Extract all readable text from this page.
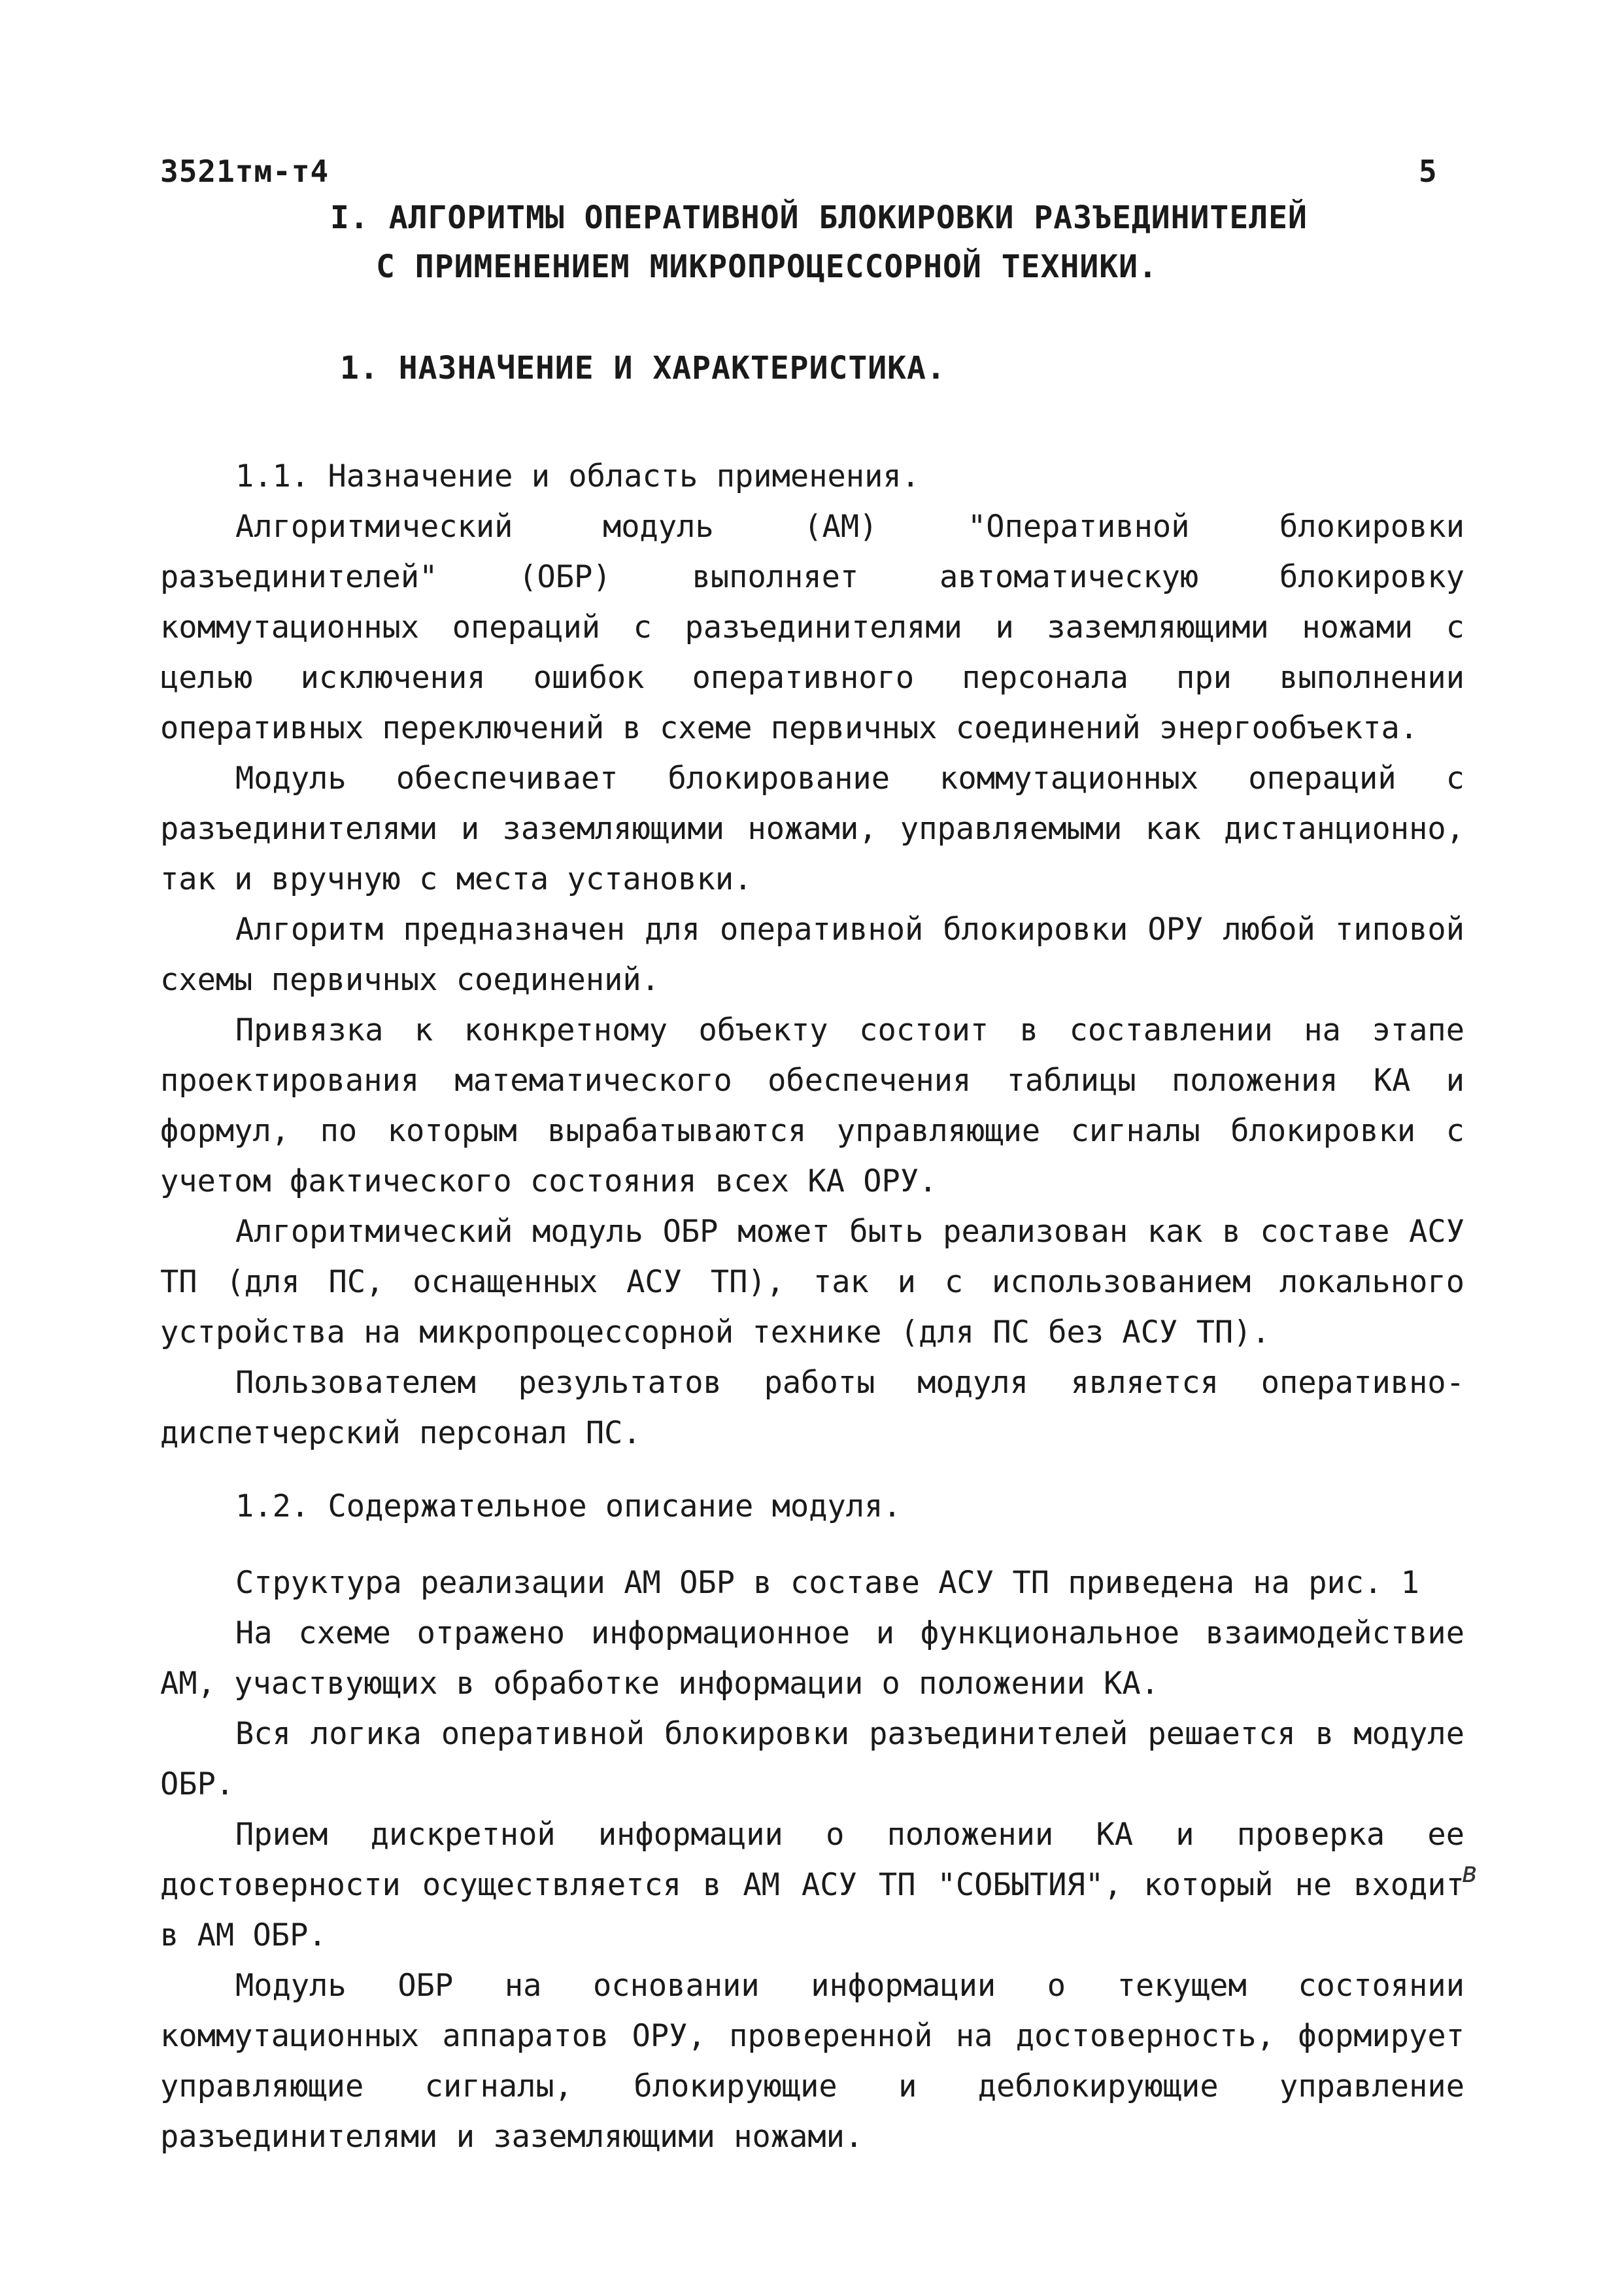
3521тм-т4	5
I. АЛГОРИТМЫ ОПЕРАТИВНОЙ БЛОКИРОВКИ РАЗЪЕДИНИТЕЛЕЙ
С ПРИМЕНЕНИЕМ МИКРОПРОЦЕССОРНОЙ ТЕХНИКИ.
1. НАЗНАЧЕНИЕ И ХАРАКТЕРИСТИКА.

1.1. Назначение и область применения.

Алгоритмический модуль (АМ) "Оперативной блокировки разъединителей" (ОБР) выполняет автоматическую блокировку коммутационных операций с разъединителями и заземляющими ножами с целью исключения ошибок оперативного персонала при выполнении оперативных переключений в схеме первичных соединений энергообъекта.

Модуль обеспечивает блокирование коммутационных операций с разъединителями и заземляющими ножами, управляемыми как дистанционно, так и вручную с места установки.

Алгоритм предназначен для оперативной блокировки ОРУ любой типовой схемы первичных соединений.

Привязка к конкретному объекту состоит в составлении на этапе проектирования математического обеспечения таблицы положения КА и формул, по которым вырабатываются управляющие сигналы блокировки с учетом фактического состояния всех КА ОРУ.

Алгоритмический модуль ОБР может быть реализован как в составе АСУ ТП (для ПС, оснащенных АСУ ТП), так и с использованием локального устройства на микропроцессорной технике (для ПС без АСУ ТП).

Пользователем результатов работы модуля является оперативно-диспетчерский персонал ПС.

1.2. Содержательное описание модуля.

Структура реализации АМ ОБР в составе АСУ ТП приведена на рис. 1

На схеме отражено информационное и функциональное взаимодействие АМ, участвующих в обработке информации о положении КА.

Вся логика оперативной блокировки разъединителей решается в модуле ОБР.

Прием дискретной информации о положении КА и проверка ее достоверности осуществляется в АМ АСУ ТП "СОБЫТИЯ", который не входит в АМ ОБР.

Модуль ОБР на основании информации о текущем состоянии коммутационных аппаратов ОРУ, проверенной на достоверность, формирует управляющие сигналы, блокирующие и деблокирующие управление разъединителями и заземляющими ножами.

в
